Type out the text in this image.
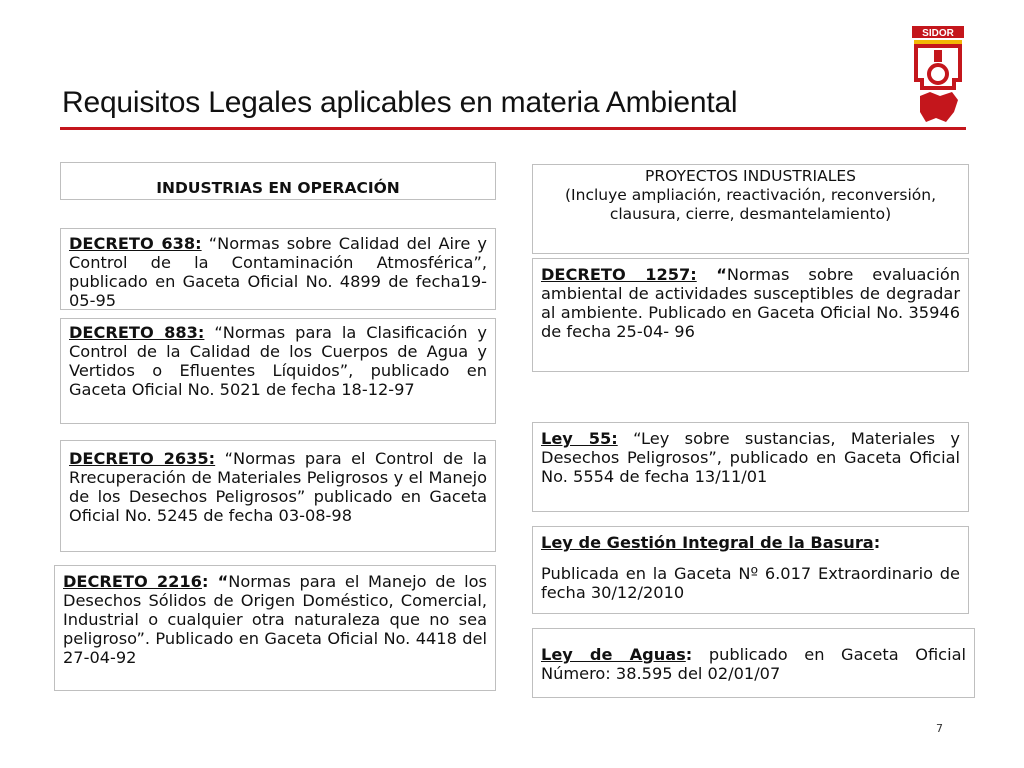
Requisitos Legales aplicables en materia Ambiental
SIDOR
INDUSTRIAS EN OPERACIÓN
DECRETO 638: “Normas sobre Calidad del Aire y Control de la Contaminación Atmosférica”, publicado en Gaceta Oficial No. 4899 de fecha19-05-95
DECRETO 883: “Normas para la Clasificación y Control de la Calidad de los Cuerpos de Agua y Vertidos o Efluentes Líquidos”, publicado en Gaceta Oficial No. 5021 de fecha 18-12-97
DECRETO 2635: “Normas para el Control de la Rrecuperación de Materiales Peligrosos y el Manejo de los Desechos Peligrosos” publicado en Gaceta Oficial No. 5245 de fecha 03-08-98
DECRETO 2216: “Normas para el Manejo de los Desechos Sólidos de Origen Doméstico, Comercial, Industrial o cualquier otra naturaleza que no sea peligroso”. Publicado en Gaceta Oficial No. 4418 del 27-04-92
PROYECTOS INDUSTRIALES
(Incluye ampliación, reactivación, reconversión, clausura, cierre, desmantelamiento)
DECRETO 1257: “Normas sobre evaluación ambiental de actividades susceptibles de degradar al ambiente. Publicado en Gaceta Oficial No. 35946 de fecha 25-04- 96
Ley 55: “Ley sobre sustancias, Materiales y Desechos Peligrosos”, publicado en Gaceta Oficial No. 5554 de fecha 13/11/01
Ley de Gestión Integral de la Basura:
Publicada en la Gaceta Nº 6.017 Extraordinario de fecha 30/12/2010
Ley de Aguas: publicado en Gaceta Oficial Número: 38.595 del 02/01/07
7
